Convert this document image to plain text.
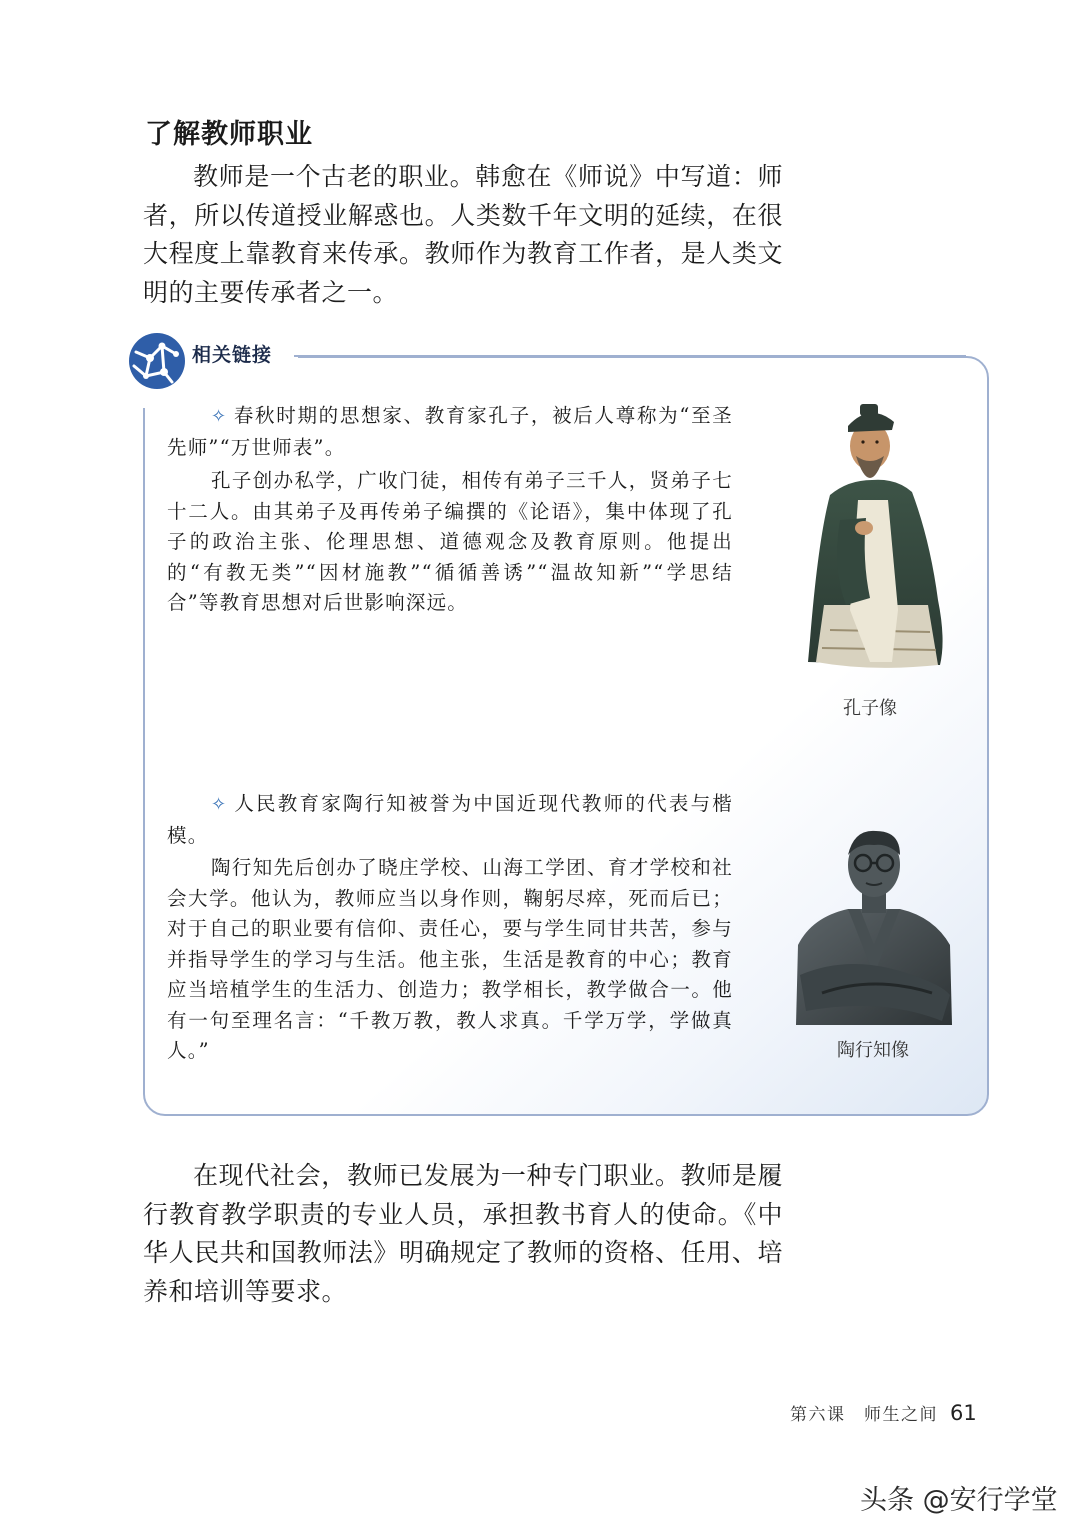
了解教师职业
教师是一个古老的职业。韩愈在《师说》中写道：师者，所以传道授业解惑也。人类数千年文明的延续，在很大程度上靠教育来传承。教师作为教育工作者，是人类文明的主要传承者之一。
相关链接
✧ 春秋时期的思想家、教育家孔子，被后人尊称为“至圣先师”“万世师表”。
孔子创办私学，广收门徒，相传有弟子三千人，贤弟子七十二人。由其弟子及再传弟子编撰的《论语》，集中体现了孔子的政治主张、伦理思想、道德观念及教育原则。他提出的“有教无类”“因材施教”“循循善诱”“温故知新”“学思结合”等教育思想对后世影响深远。
孔子像
✧ 人民教育家陶行知被誉为中国近现代教师的代表与楷模。
陶行知先后创办了晓庄学校、山海工学团、育才学校和社会大学。他认为，教师应当以身作则，鞠躬尽瘁，死而后已；对于自己的职业要有信仰、责任心，要与学生同甘共苦，参与并指导学生的学习与生活。他主张，生活是教育的中心；教育应当培植学生的生活力、创造力；教学相长，教学做合一。他有一句至理名言：“千教万教，教人求真。千学万学，学做真人。”	陶行知像
在现代社会，教师已发展为一种专门职业。教师是履行教育教学职责的专业人员，承担教书育人的使命。《中华人民共和国教师法》明确规定了教师的资格、任用、培养和培训等要求。
第六课　师生之间 61
头条 @安行学堂
